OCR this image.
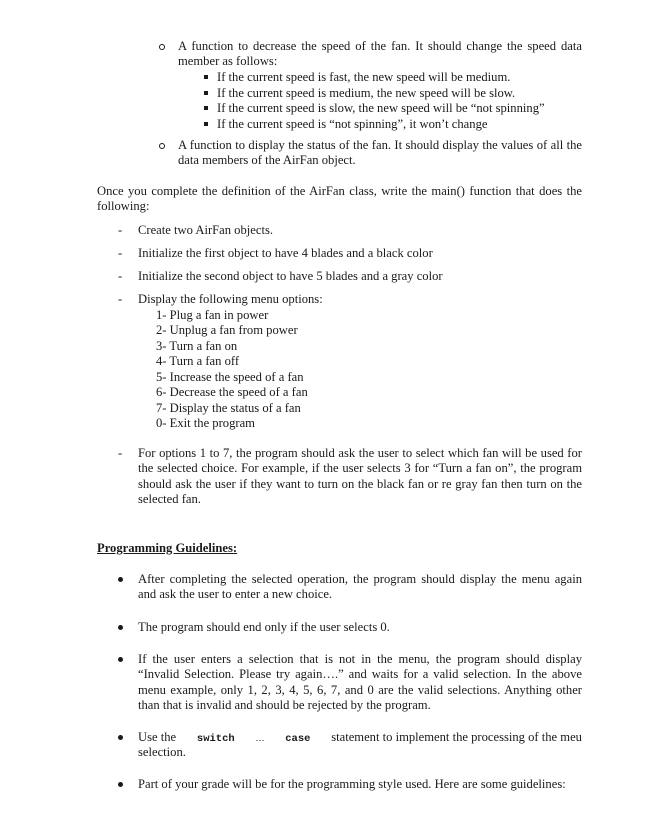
A function to decrease the speed of the fan. It should change the speed data member as follows:
If the current speed is fast, the new speed will be medium.
If the current speed is medium, the new speed will be slow.
If the current speed is slow, the new speed will be “not spinning”
If the current speed is “not spinning”, it won’t change
A function to display the status of the fan. It should display the values of all the data members of the AirFan object.
Once you complete the definition of the AirFan class, write the main() function that does the following:
- Create two AirFan objects.
- Initialize the first object to have 4 blades and a black color
- Initialize the second object to have 5 blades and a gray color
- Display the following menu options:
1- Plug a fan in power
2- Unplug a fan from power
3- Turn a fan on
4- Turn a fan off
5- Increase the speed of a fan
6- Decrease the speed of a fan
7- Display the status of a fan
0- Exit the program
- For options 1 to 7, the program should ask the user to select which fan will be used for the selected choice. For example, if the user selects 3 for “Turn a fan on”, the program should ask the user if they want to turn on the black fan or re gray fan then turn on the selected fan.
Programming Guidelines:
After completing the selected operation, the program should display the menu again and ask the user to enter a new choice.
The program should end only if the user selects 0.
If the user enters a selection that is not in the menu, the program should display “Invalid Selection. Please try again….” and waits for a valid selection. In the above menu example, only 1, 2, 3, 4, 5, 6, 7, and 0 are the valid selections. Anything other than that is invalid and should be rejected by the program.
Use the switch … case statement to implement the processing of the meu
selection.
Part of your grade will be for the programming style used. Here are some guidelines:
